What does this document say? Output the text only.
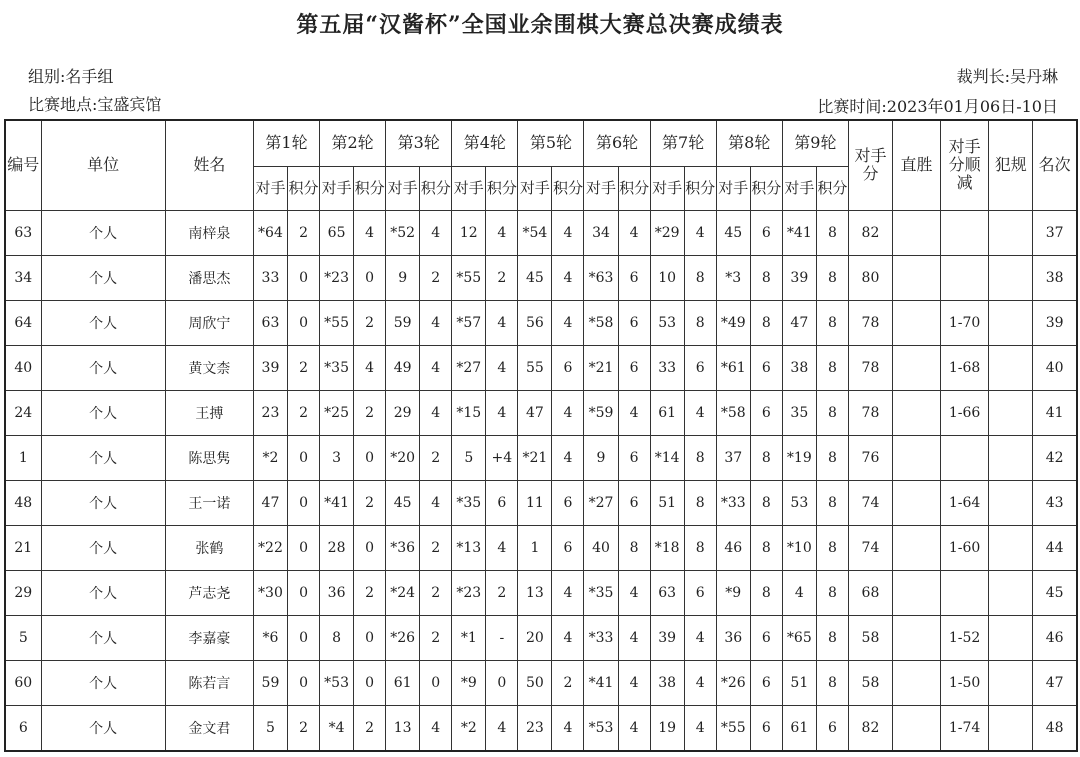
第五届“汉酱杯”全国业余围棋大赛总决赛成绩表
组别:名手组
比赛地点:宝盛宾馆
裁判长:吴丹琳
比赛时间:2023年01月06日-10日
编号	单位	姓名	第1轮		第2轮		第3轮		第4轮		第5轮		第6轮		第7轮		第8轮		第9轮		对手分	直胜	对手分顺减	犯规	名次
			对手	积分	对手	积分	对手	积分	对手	积分	对手	积分	对手	积分	对手	积分	对手	积分	对手	积分					
63	个人	南梓泉	*64	2	65	4	*52	4	12	4	*54	4	34	4	*29	4	45	6	*41	8	82				37
34	个人	潘思杰	33	0	*23	0	9	2	*55	2	45	4	*63	6	10	8	*3	8	39	8	80				38
64	个人	周欣宁	63	0	*55	2	59	4	*57	4	56	4	*58	6	53	8	*49	8	47	8	78		1-70		39
40	个人	黄文柰	39	2	*35	4	49	4	*27	4	55	6	*21	6	33	6	*61	6	38	8	78		1-68		40
24	个人	王搏	23	2	*25	2	29	4	*15	4	47	4	*59	4	61	4	*58	6	35	8	78		1-66		41
1	个人	陈思隽	*2	0	3	0	*20	2	5	+4	*21	4	9	6	*14	8	37	8	*19	8	76				42
48	个人	王一诺	47	0	*41	2	45	4	*35	6	11	6	*27	6	51	8	*33	8	53	8	74		1-64		43
21	个人	张鹤	*22	0	28	0	*36	2	*13	4	1	6	40	8	*18	8	46	8	*10	8	74		1-60		44
29	个人	芦志尧	*30	0	36	2	*24	2	*23	2	13	4	*35	4	63	6	*9	8	4	8	68				45
5	个人	李嘉豪	*6	0	8	0	*26	2	*1	-	20	4	*33	4	39	4	36	6	*65	8	58		1-52		46
60	个人	陈若言	59	0	*53	0	61	0	*9	0	50	2	*41	4	38	4	*26	6	51	8	58		1-50		47
6	个人	金文君	5	2	*4	2	13	4	*2	4	23	4	*53	4	19	4	*55	6	61	6	82		1-74		48
